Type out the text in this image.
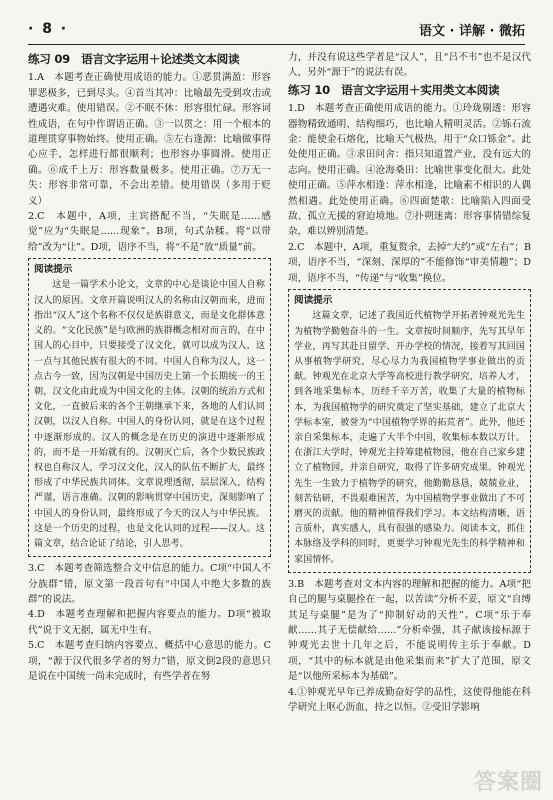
· 8 ·	语文 · 详解 · 微拓
练习 09　语言文字运用＋论述类文本阅读

1.A　本题考查正确使用成语的能力。①恶贯满盈：形容罪恶极多，已到尽头。④首当其冲：比喻最先受到攻击或遭遇灾难。使用错误。②不眠不休：形容很忙碌。形容词性成语，在句中作谓语正确。③一以贯之：用一个根本的道理贯穿事物始终。使用正确。⑤左右逢源：比喻做事得心应手，怎样进行都很顺利；也形容办事圆滑。使用正确。⑥成千上万：形容数量极多。使用正确。⑦万无一失：形容非常可靠，不会出差错。使用错误（多用于贬义）

2.C　本题中，A项，主宾搭配不当，“失眠是……感觉”应为“失眠是……现象”。B项，句式杂糅。将“以带给”改为“让”。D项，语序不当，将“不是”放“质量”前。

阅读提示

这是一篇学术小论文，文章的中心是谈论中国人自称汉人的原因。文章开篇说明汉人的名称由汉朝而来，进而指出“汉人”这个名称不仅仅是族群意义，而是文化群体意义的。“文化民族”是与欧洲的族群概念相对而言的，在中国人的心目中，只要接受了汉文化，就可以成为汉人，这一点与其他民族有很大的不同。中国人自称为汉人，这一点古今一致，因为汉朝是中国历史上第一个长期统一的王朝，汉文化由此成为中国文化的主体。汉朝的统治方式和文化，一直被后来的各个王朝继承下来，各地的人们认同汉朝，以汉人自称。中国人的身份认同，就是在这个过程中逐渐形成的。汉人的概念是在历史的演进中逐渐形成的，而不是一开始就有的。汉朝灭亡后，各个少数民族政权也自称汉人，学习汉文化，汉人的队伍不断扩大，最终形成了中华民族共同体。文章说理透彻，层层深入，结构严谨，语言准确。汉朝的影响贯穿中国历史，深刻影响了中国人的身份认同，最终形成了今天的汉人与中华民族。这是一个历史的过程，也是文化认同的过程——汉人。这篇文章，结合论证了结论，引人思考。

3.C　本题考查筛选整合文中信息的能力。C项“中国人不分族群”错，原文第一段首句有“中国人中绝大多数的族群”的说法。

4.D　本题考查理解和把握内容要点的能力。D项“被取代”说于文无据，属无中生有。

5.C　本题考查归纳内容要点、概括中心意思的能力。C项，“源于汉代很多学者的努力”错，原文倒2段的意思只是说在中国统一尚未完成时，有些学者在努

力，并没有说这些学者是“汉人”，且“吕不韦”也不是汉代人，另外“源于”的说法有误。

练习 10　语言文字运用＋实用类文本阅读

1.D　本题考查正确使用成语的能力。①玲珑剔透：形容器物精致通明、结构细巧，也比喻人精明灵活。②铄石流金：能使金石熔化，比喻天气极热，用于“众口铄金”。此处使用正确。③求田问舍：指只知道置产业，没有远大的志向。使用正确。④沧海桑田：比喻世事变化很大。此处使用正确。⑤萍水相逢：萍水相逢，比喻素不相识的人偶然相遇。此处使用正确。⑥四面楚歌：比喻陷入四面受敌、孤立无援的窘迫境地。⑦扑朔迷离：形容事情错综复杂，难以辨别清楚。

2.C　本题中，A项，重复赘余，去掉“大约”或“左右”；B项，语序不当，“深刻、深厚的”不能修饰“审美情趣”；D项，语序不当，“传递”与“收集”换位。

阅读提示

这篇文章，记述了我国近代植物学开拓者钟观光先生为植物学勤勉奋斗的一生。文章按时间顺序，先写其早年学业，再写其赴日留学、开办学校的情况，接着写其回国从事植物学研究，尽心尽力为我国植物学事业做出的贡献。钟观光在北京大学等高校进行教学研究，培养人才，到各地采集标本，历经千辛万苦，收集了大量的植物标本，为我国植物学的研究奠定了坚实基础，建立了北京大学标本室，被誉为“中国植物学界的拓荒者”。此外，他还亲自采集标本，走遍了大半个中国，收集标本数以万计。在浙江大学时，钟观光主持筹建植物园，他在自己家乡建立了植物园，并亲自研究，取得了许多研究成果。钟观光先生一生致力于植物学的研究，他勤勤恳恳，兢兢业业，刻苦钻研，不畏艰难困苦，为中国植物学事业做出了不可磨灭的贡献。他的精神值得我们学习。本文结构清晰，语言质朴，真实感人，具有很强的感染力。阅读本文，抓住本脉络及学科的同时，更要学习钟观光先生的科学精神和家国情怀。

3.B　本题考查对文本内容的理解和把握的能力。A项“把自己的腿与桌腿拴在一起，以苦读”分析不妥，原文“自缚其足与桌腿”是为了“抑制好动的天性”。C项“乐于奉献……其子无偿献给……”分析牵强，其子献该接标源于钟观光去世十几年之后，不能说明传主乐于奉献。D项，“其中的标本就是由他采集而来”扩大了范围，原文是“以他所采标本为基础”。

4.①钟观光早年已养成勤奋好学的品性，这使得他能在科学研究上呕心沥血，持之以恒。②受旧学影响

答案圈
